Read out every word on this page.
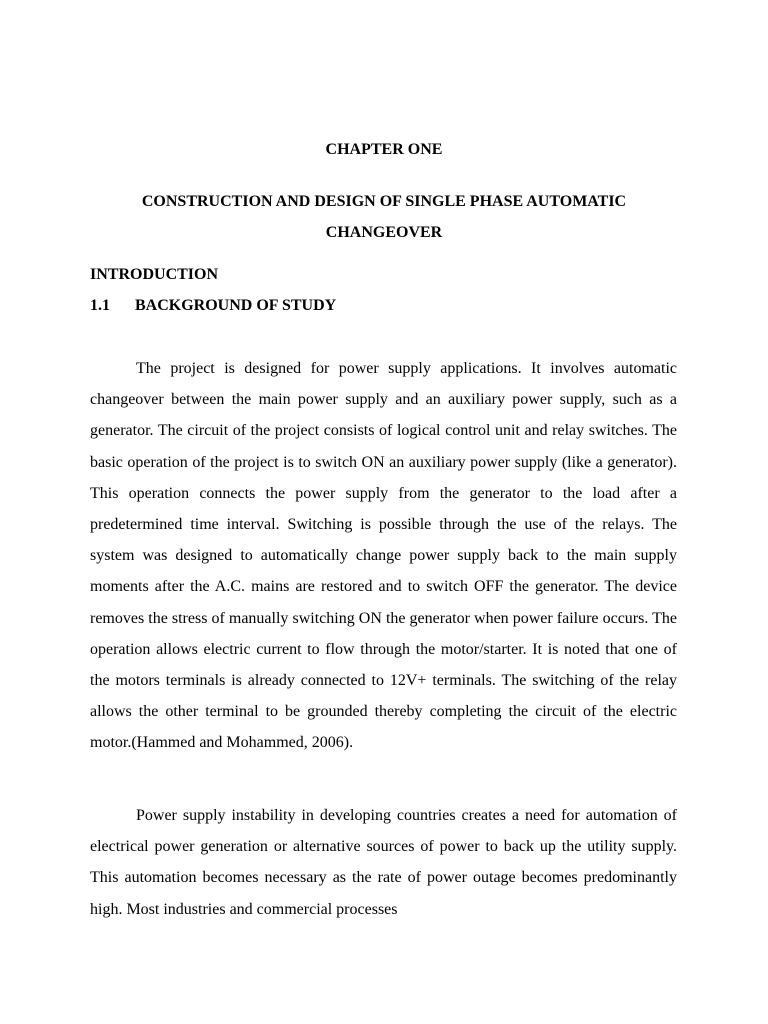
CHAPTER ONE
CONSTRUCTION AND DESIGN OF SINGLE PHASE AUTOMATIC CHANGEOVER
INTRODUCTION
1.1 BACKGROUND OF STUDY

The project is designed for power supply applications. It involves automatic changeover between the main power supply and an auxiliary power supply, such as a generator. The circuit of the project consists of logical control unit and relay switches. The basic operation of the project is to switch ON an auxiliary power supply (like a generator). This operation connects the power supply from the generator to the load after a predetermined time interval. Switching is possible through the use of the relays. The system was designed to automatically change power supply back to the main supply moments after the A.C. mains are restored and to switch OFF the generator. The device removes the stress of manually switching ON the generator when power failure occurs. The operation allows electric current to flow through the motor/starter. It is noted that one of the motors terminals is already connected to 12V+ terminals. The switching of the relay allows the other terminal to be grounded thereby completing the circuit of the electric motor.(Hammed and Mohammed, 2006).

Power supply instability in developing countries creates a need for automation of electrical power generation or alternative sources of power to back up the utility supply. This automation becomes necessary as the rate of power outage becomes predominantly high. Most industries and commercial processes
